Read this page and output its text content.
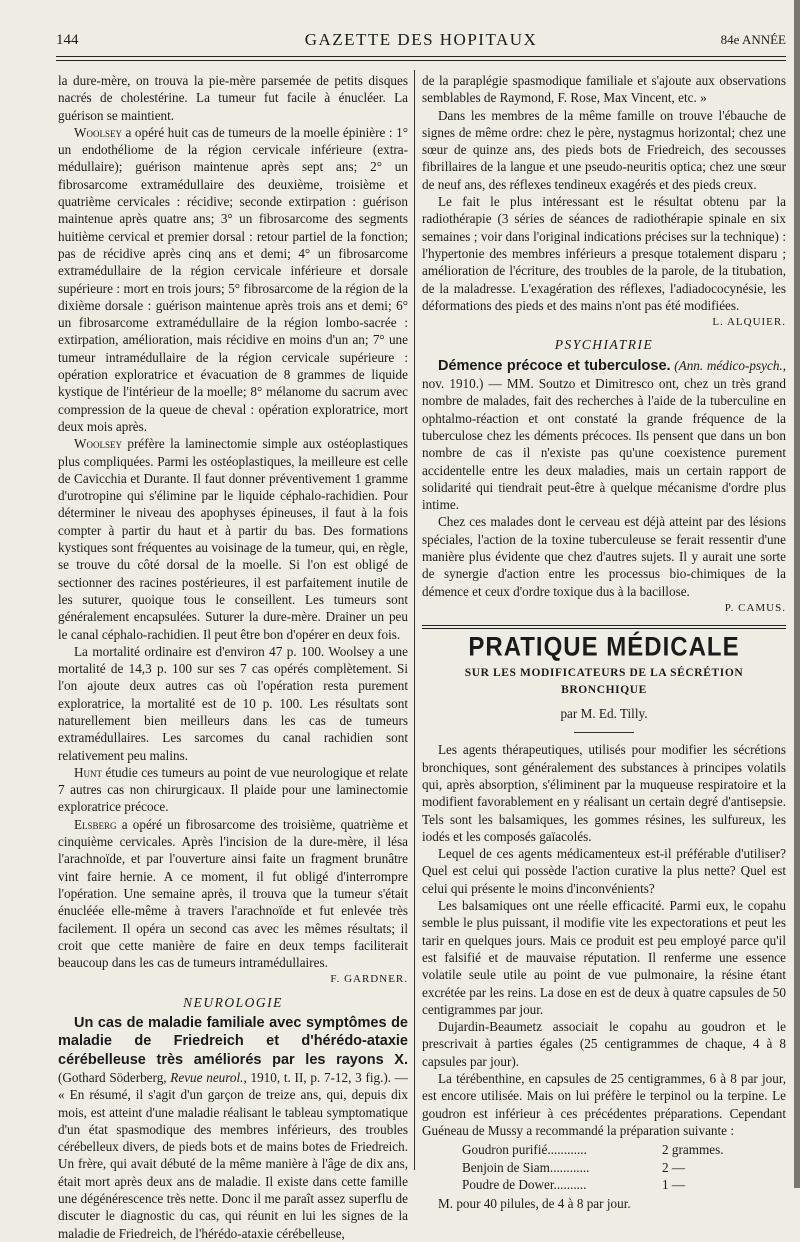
144	GAZETTE DES HOPITAUX	84e ANNÉE

la dure-mère, on trouva la pie-mère parsemée de petits disques nacrés de cholestérine. La tumeur fut facile à énucléer. La guérison se maintient.

Woolsey a opéré huit cas de tumeurs de la moelle épinière : 1° un endothéliome de la région cervicale inférieure (extra-médullaire); guérison maintenue après sept ans; 2° un fibrosarcome extramédullaire des deuxième, troisième et quatrième cervicales : récidive; seconde extirpation : guérison maintenue après quatre ans; 3° un fibrosarcome des segments huitième cervical et premier dorsal : retour partiel de la fonction; pas de récidive après cinq ans et demi; 4° un fibrosarcome extramédullaire de la région cervicale inférieure et dorsale supérieure : mort en trois jours; 5° fibrosarcome de la région de la dixième dorsale : guérison maintenue après trois ans et demi; 6° un fibrosarcome extramédullaire de la région lombo-sacrée : extirpation, amélioration, mais récidive en moins d'un an; 7° une tumeur intramédullaire de la région cervicale supérieure : opération exploratrice et évacuation de 8 grammes de liquide kystique de l'intérieur de la moelle; 8° mélanome du sacrum avec compression de la queue de cheval : opération exploratrice, mort deux mois après.

Woolsey préfère la laminectomie simple aux ostéoplastiques plus compliquées. Parmi les ostéoplastiques, la meilleure est celle de Cavicchia et Durante. Il faut donner préventivement 1 gramme d'urotropine qui s'élimine par le liquide céphalo-rachidien. Pour déterminer le niveau des apophyses épineuses, il faut à la fois compter à partir du haut et à partir du bas. Des formations kystiques sont fréquentes au voisinage de la tumeur, qui, en règle, se trouve du côté dorsal de la moelle. Si l'on est obligé de sectionner des racines postérieures, il est parfaitement inutile de les suturer, quoique tous le conseillent. Les tumeurs sont généralement encapsulées. Suturer la dure-mère. Drainer un peu le canal céphalo-rachidien. Il peut être bon d'opérer en deux fois.

La mortalité ordinaire est d'environ 47 p. 100. Woolsey a une mortalité de 14,3 p. 100 sur ses 7 cas opérés complètement. Si l'on ajoute deux autres cas où l'opération resta purement exploratrice, la mortalité est de 10 p. 100. Les résultats sont naturellement bien meilleurs dans les cas de tumeurs extramédullaires. Les sarcomes du canal rachidien sont relativement peu malins.

Hunt étudie ces tumeurs au point de vue neurologique et relate 7 autres cas non chirurgicaux. Il plaide pour une laminectomie exploratrice précoce.

Elsberg a opéré un fibrosarcome des troisième, quatrième et cinquième cervicales. Après l'incision de la dure-mère, il lésa l'arachnoïde, et par l'ouverture ainsi faite un fragment brunâtre vint faire hernie. A ce moment, il fut obligé d'interrompre l'opération. Une semaine après, il trouva que la tumeur s'était énucléée elle-même à travers l'arachnoïde et fut enlevée très facilement. Il opéra un second cas avec les mêmes résultats; il croit que cette manière de faire en deux temps faciliterait beaucoup dans les cas de tumeurs intramédullaires.

F. GARDNER.
NEUROLOGIE

Un cas de maladie familiale avec symptômes de maladie de Friedreich et d'hérédo-ataxie cérébelleuse très améliorés par les rayons X. (Gothard Söderberg, Revue neurol., 1910, t. II, p. 7-12, 3 fig.). — « En résumé, il s'agit d'un garçon de treize ans, qui, depuis dix mois, est atteint d'une maladie réalisant le tableau symptomatique d'un état spasmodique des membres inférieurs, des troubles cérébelleux divers, de pieds bots et de mains botes de Friedreich. Un frère, qui avait débuté de la même manière à l'âge de dix ans, était mort après deux ans de maladie. Il existe dans cette famille une dégénérescence très nette. Donc il me paraît assez superflu de discuter le diagnostic du cas, qui réunit en lui les signes de la maladie de Friedreich, de l'hérédo-ataxie cérébelleuse,

de la paraplégie spasmodique familiale et s'ajoute aux observations semblables de Raymond, F. Rose, Max Vincent, etc. »

Dans les membres de la même famille on trouve l'ébauche de signes de même ordre: chez le père, nystagmus horizontal; chez une sœur de quinze ans, des pieds bots de Friedreich, des secousses fibrillaires de la langue et une pseudo-neuritis optica; chez une sœur de neuf ans, des réflexes tendineux exagérés et des pieds creux.

Le fait le plus intéressant est le résultat obtenu par la radiothérapie (3 séries de séances de radiothérapie spinale en six semaines ; voir dans l'original indications précises sur la technique) : l'hypertonie des membres inférieurs a presque totalement disparu ; amélioration de l'écriture, des troubles de la parole, de la titubation, de la maladresse. L'exagération des réflexes, l'adiadococynésie, les déformations des pieds et des mains n'ont pas été modifiées.

L. ALQUIER.
PSYCHIATRIE

Démence précoce et tuberculose. (Ann. médico-psych., nov. 1910.) — MM. Soutzo et Dimitresco ont, chez un très grand nombre de malades, fait des recherches à l'aide de la tuberculine en ophtalmo-réaction et ont constaté la grande fréquence de la tuberculose chez les déments précoces. Ils pensent que dans un bon nombre de cas il n'existe pas qu'une coexistence purement accidentelle entre les deux maladies, mais un certain rapport de solidarité qui tiendrait peut-être à quelque mécanisme d'ordre plus intime.

Chez ces malades dont le cerveau est déjà atteint par des lésions spéciales, l'action de la toxine tuberculeuse se ferait ressentir d'une manière plus évidente que chez d'autres sujets. Il y aurait une sorte de synergie d'action entre les processus bio-chimiques de la démence et ceux d'ordre toxique dus à la bacillose.

P. CAMUS.
PRATIQUE MÉDICALE
SUR LES MODIFICATEURS DE LA SÉCRÉTION BRONCHIQUE
par M. Ed. Tilly.

Les agents thérapeutiques, utilisés pour modifier les sécrétions bronchiques, sont généralement des substances à principes volatils qui, après absorption, s'éliminent par la muqueuse respiratoire et la modifient favorablement en y réalisant un certain degré d'antisepsie. Tels sont les balsamiques, les gommes résines, les sulfureux, les iodés et les composés gaïacolés.

Lequel de ces agents médicamenteux est-il préférable d'utiliser? Quel est celui qui possède l'action curative la plus nette? Quel est celui qui présente le moins d'inconvénients?

Les balsamiques ont une réelle efficacité. Parmi eux, le copahu semble le plus puissant, il modifie vite les expectorations et peut les tarir en quelques jours. Mais ce produit est peu employé parce qu'il est falsifié et de mauvaise réputation. Il renferme une essence volatile seule utile au point de vue pulmonaire, la résine étant excrétée par les reins. La dose en est de deux à quatre capsules de 50 centigrammes par jour.

Dujardin-Beaumetz associait le copahu au goudron et le prescrivait à parties égales (25 centigrammes de chaque, 4 à 8 capsules par jour).

La térébenthine, en capsules de 25 centigrammes, 6 à 8 par jour, est encore utilisée. Mais on lui préfère le terpinol ou la terpine. Le goudron est inférieur à ces précédentes préparations. Cependant Guéneau de Mussy a recommandé la préparation suivante :

Goudron purifié............	2 grammes.
Benjoin de Siam............	2 —
Poudre de Dower..........	1 —

M. pour 40 pilules, de 4 à 8 par jour.
